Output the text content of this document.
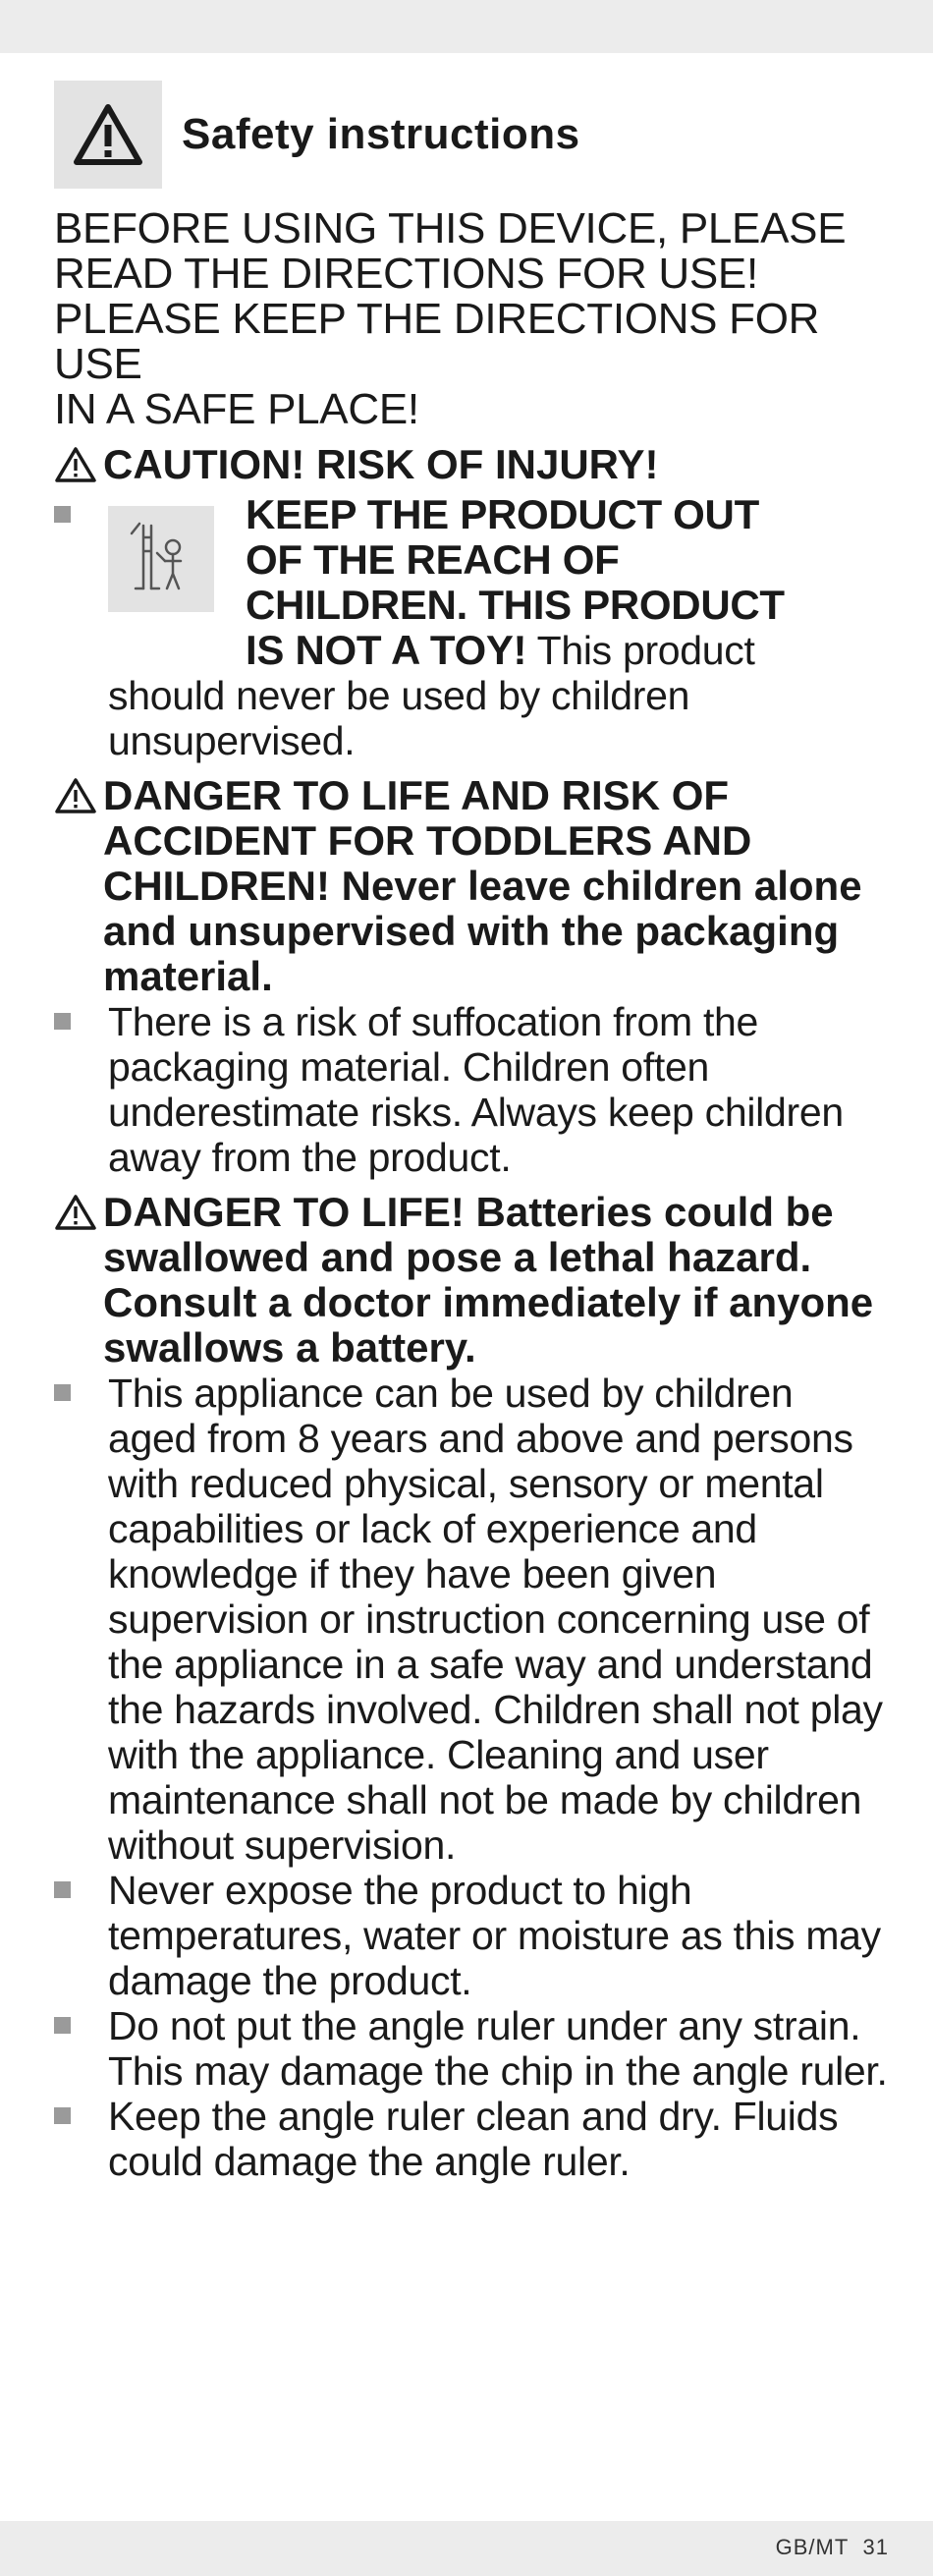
Safety instructions
BEFORE USING THIS DEVICE, PLEASE
READ THE DIRECTIONS FOR USE!
PLEASE KEEP THE DIRECTIONS FOR USE
IN A SAFE PLACE!
CAUTION! RISK OF INJURY!
KEEP THE PRODUCT OUT
OF THE REACH OF
CHILDREN. THIS PRODUCT
IS NOT A TOY! This product
should never be used by children unsupervised.
DANGER TO LIFE AND RISK OF ACCIDENT FOR TODDLERS AND CHILDREN! Never leave children alone and unsupervised with the packaging material.
There is a risk of suffocation from the packaging material. Children often underestimate risks. Always keep children away from the product.
DANGER TO LIFE! Batteries could be swallowed and pose a lethal hazard. Consult a doctor immediately if anyone swallows a battery.
This appliance can be used by children aged from 8 years and above and persons with reduced physical, sensory or mental capabilities or lack of experience and knowledge if they have been given supervision or instruction concerning use of the appliance in a safe way and understand the hazards involved. Children shall not play with the appliance. Cleaning and user maintenance shall not be made by children without supervision.
Never expose the product to high temperatures, water or moisture as this may damage the product.
Do not put the angle ruler under any strain. This may damage the chip in the angle ruler.
Keep the angle ruler clean and dry. Fluids could damage the angle ruler.
GB/MT 31
